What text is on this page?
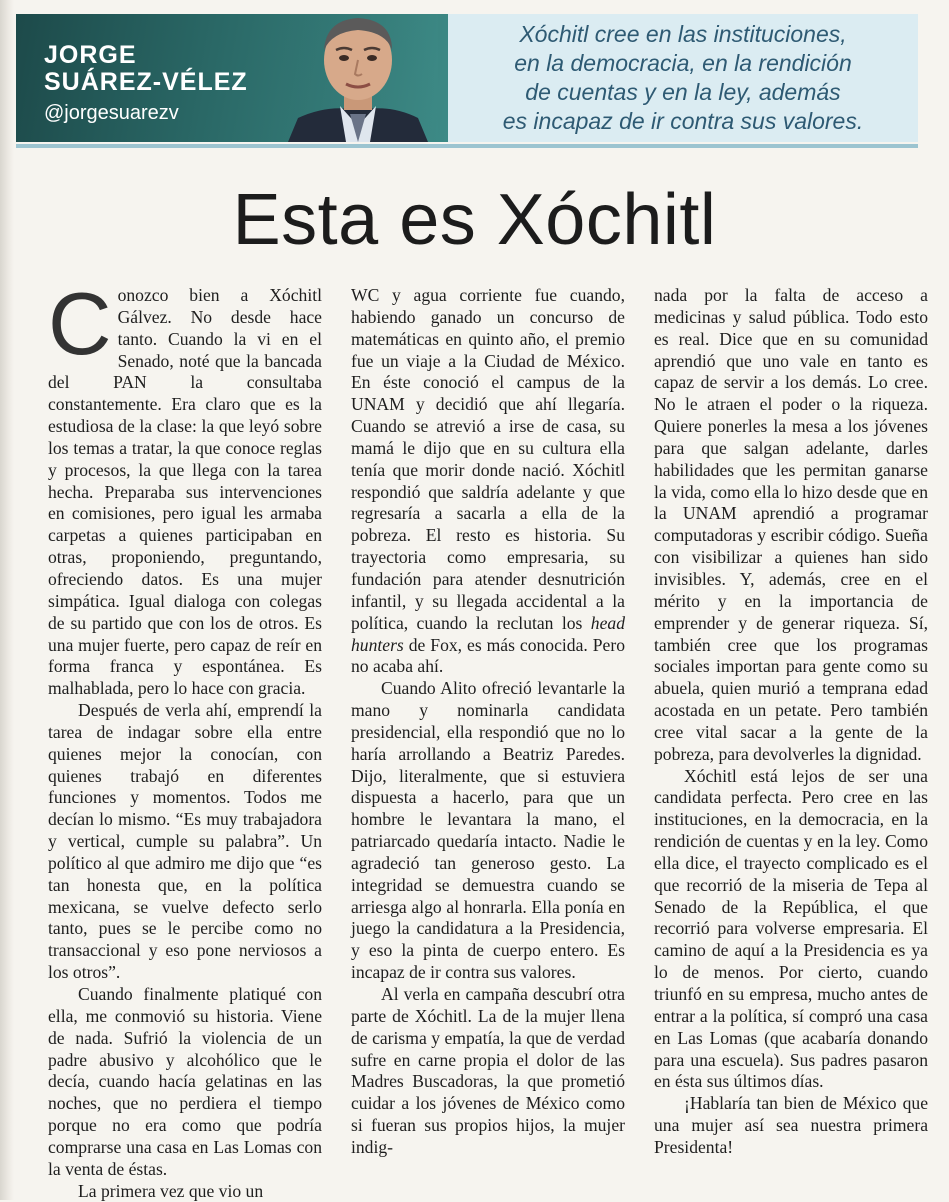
JORGE
SUÁREZ-VÉLEZ
@jorgesuarezv

Xóchitl cree en las instituciones,
en la democracia, en la rendición
de cuentas y en la ley, además
es incapaz de ir contra sus valores.

Esta es Xóchitl

Conozco bien a Xóchitl Gálvez. No desde hace tanto. Cuando la vi en el Senado, noté que la bancada del PAN la consultaba constantemente. Era claro que es la estudiosa de la clase: la que leyó sobre los temas a tratar, la que conoce reglas y procesos, la que llega con la tarea hecha. Preparaba sus intervenciones en comisiones, pero igual les armaba carpetas a quienes participaban en otras, proponiendo, preguntando, ofreciendo datos. Es una mujer simpática. Igual dialoga con colegas de su partido que con los de otros. Es una mujer fuerte, pero capaz de reír en forma franca y espontánea. Es malhablada, pero lo hace con gracia.

Después de verla ahí, emprendí la tarea de indagar sobre ella entre quienes mejor la conocían, con quienes trabajó en diferentes funciones y momentos. Todos me decían lo mismo. “Es muy trabajadora y vertical, cumple su palabra”. Un político al que admiro me dijo que “es tan honesta que, en la política mexicana, se vuelve defecto serlo tanto, pues se le percibe como no transaccional y eso pone nerviosos a los otros”.

Cuando finalmente platiqué con ella, me conmovió su historia. Viene de nada. Sufrió la violencia de un padre abusivo y alcohólico que le decía, cuando hacía gelatinas en las noches, que no perdiera el tiempo porque no era como que podría comprarse una casa en Las Lomas con la venta de éstas.

La primera vez que vio un

WC y agua corriente fue cuando, habiendo ganado un concurso de matemáticas en quinto año, el premio fue un viaje a la Ciudad de México. En éste conoció el campus de la UNAM y decidió que ahí llegaría. Cuando se atrevió a irse de casa, su mamá le dijo que en su cultura ella tenía que morir donde nació. Xóchitl respondió que saldría adelante y que regresaría a sacarla a ella de la pobreza. El resto es historia. Su trayectoria como empresaria, su fundación para atender desnutrición infantil, y su llegada accidental a la política, cuando la reclutan los head hunters de Fox, es más conocida. Pero no acaba ahí.

Cuando Alito ofreció levantarle la mano y nominarla candidata presidencial, ella respondió que no lo haría arrollando a Beatriz Paredes. Dijo, literalmente, que si estuviera dispuesta a hacerlo, para que un hombre le levantara la mano, el patriarcado quedaría intacto. Nadie le agradeció tan generoso gesto. La integridad se demuestra cuando se arriesga algo al honrarla. Ella ponía en juego la candidatura a la Presidencia, y eso la pinta de cuerpo entero. Es incapaz de ir contra sus valores.

Al verla en campaña descubrí otra parte de Xóchitl. La de la mujer llena de carisma y empatía, la que de verdad sufre en carne propia el dolor de las Madres Buscadoras, la que prometió cuidar a los jóvenes de México como si fueran sus propios hijos, la mujer indig-

nada por la falta de acceso a medicinas y salud pública. Todo esto es real. Dice que en su comunidad aprendió que uno vale en tanto es capaz de servir a los demás. Lo cree. No le atraen el poder o la riqueza. Quiere ponerles la mesa a los jóvenes para que salgan adelante, darles habilidades que les permitan ganarse la vida, como ella lo hizo desde que en la UNAM aprendió a programar computadoras y escribir código. Sueña con visibilizar a quienes han sido invisibles. Y, además, cree en el mérito y en la importancia de emprender y de generar riqueza. Sí, también cree que los programas sociales importan para gente como su abuela, quien murió a temprana edad acostada en un petate. Pero también cree vital sacar a la gente de la pobreza, para devolverles la dignidad.

Xóchitl está lejos de ser una candidata perfecta. Pero cree en las instituciones, en la democracia, en la rendición de cuentas y en la ley. Como ella dice, el trayecto complicado es el que recorrió de la miseria de Tepa al Senado de la República, el que recorrió para volverse empresaria. El camino de aquí a la Presidencia es ya lo de menos. Por cierto, cuando triunfó en su empresa, mucho antes de entrar a la política, sí compró una casa en Las Lomas (que acabaría donando para una escuela). Sus padres pasaron en ésta sus últimos días.

¡Hablaría tan bien de México que una mujer así sea nuestra primera Presidenta!
